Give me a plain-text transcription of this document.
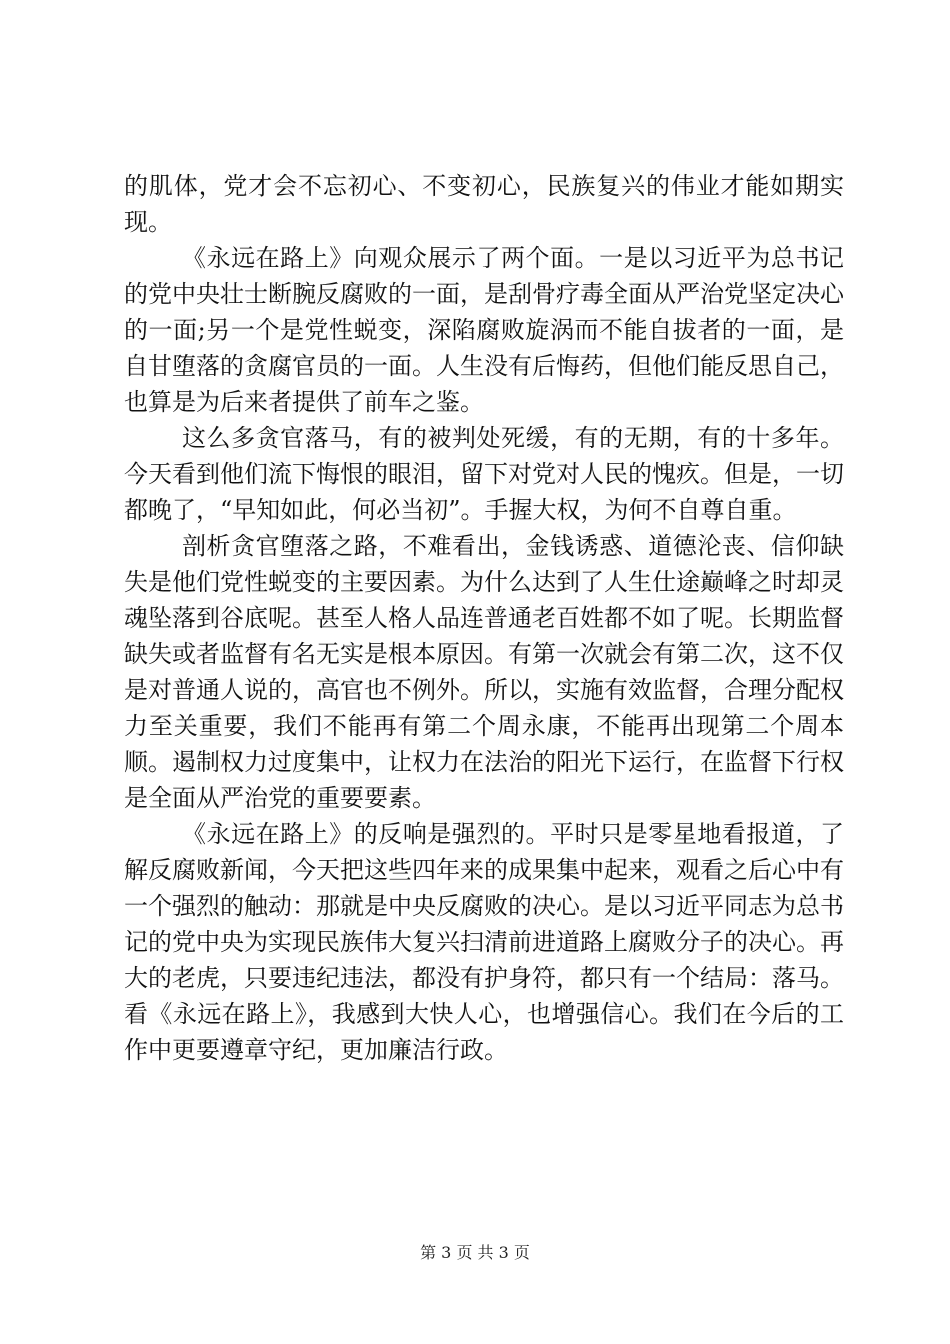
的肌体，党才会不忘初心、不变初心，民族复兴的伟业才能如期实现。

《永远在路上》向观众展示了两个面。一是以习近平为总书记的党中央壮士断腕反腐败的一面，是刮骨疗毒全面从严治党坚定决心的一面;另一个是党性蜕变，深陷腐败旋涡而不能自拔者的一面，是自甘堕落的贪腐官员的一面。人生没有后悔药，但他们能反思自己，也算是为后来者提供了前车之鉴。

这么多贪官落马，有的被判处死缓，有的无期，有的十多年。今天看到他们流下悔恨的眼泪，留下对党对人民的愧疚。但是，一切都晚了，“早知如此，何必当初”。手握大权，为何不自尊自重。

剖析贪官堕落之路，不难看出，金钱诱惑、道德沦丧、信仰缺失是他们党性蜕变的主要因素。为什么达到了人生仕途巅峰之时却灵魂坠落到谷底呢。甚至人格人品连普通老百姓都不如了呢。长期监督缺失或者监督有名无实是根本原因。有第一次就会有第二次，这不仅是对普通人说的，高官也不例外。所以，实施有效监督，合理分配权力至关重要，我们不能再有第二个周永康，不能再出现第二个周本顺。遏制权力过度集中，让权力在法治的阳光下运行，在监督下行权是全面从严治党的重要要素。

《永远在路上》的反响是强烈的。平时只是零星地看报道，了解反腐败新闻，今天把这些四年来的成果集中起来，观看之后心中有一个强烈的触动：那就是中央反腐败的决心。是以习近平同志为总书记的党中央为实现民族伟大复兴扫清前进道路上腐败分子的决心。再大的老虎，只要违纪违法，都没有护身符，都只有一个结局：落马。看《永远在路上》，我感到大快人心，也增强信心。我们在今后的工作中更要遵章守纪，更加廉洁行政。

第 3 页 共 3 页
